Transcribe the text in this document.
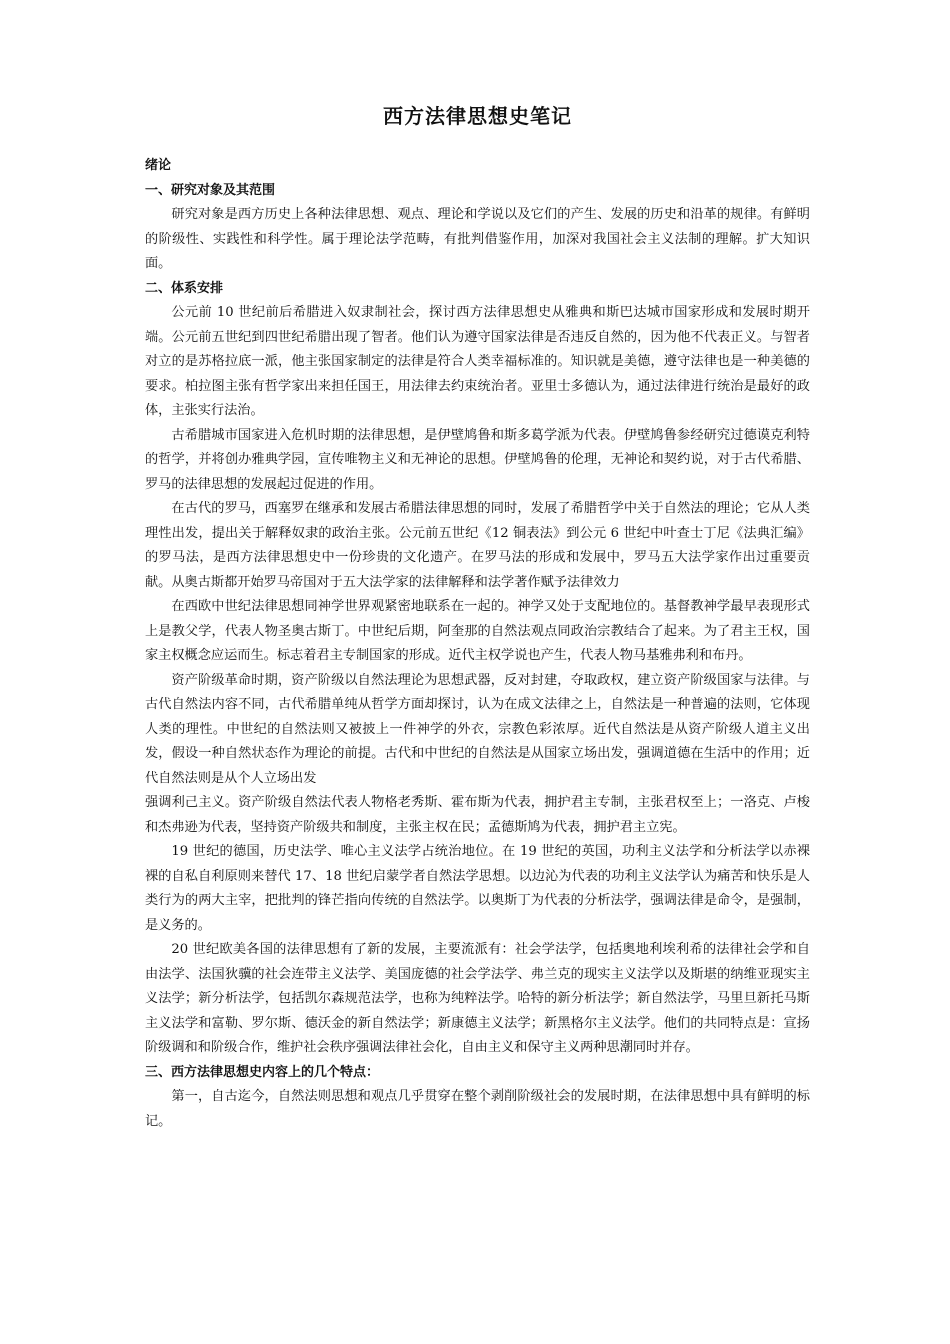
西方法律思想史笔记

绪论

一、研究对象及其范围

研究对象是西方历史上各种法律思想、观点、理论和学说以及它们的产生、发展的历史和沿革的规律。有鲜明的阶级性、实践性和科学性。属于理论法学范畴，有批判借鉴作用，加深对我国社会主义法制的理解。扩大知识面。

二、体系安排

公元前 10 世纪前后希腊进入奴隶制社会，探讨西方法律思想史从雅典和斯巴达城市国家形成和发展时期开端。公元前五世纪到四世纪希腊出现了智者。他们认为遵守国家法律是否违反自然的，因为他不代表正义。与智者对立的是苏格拉底一派，他主张国家制定的法律是符合人类幸福标准的。知识就是美德，遵守法律也是一种美德的要求。柏拉图主张有哲学家出来担任国王，用法律去约束统治者。亚里士多德认为，通过法律进行统治是最好的政体，主张实行法治。

古希腊城市国家进入危机时期的法律思想，是伊壁鸠鲁和斯多葛学派为代表。伊壁鸠鲁参经研究过德谟克利特的哲学，并将创办雅典学园，宣传唯物主义和无神论的思想。伊壁鸠鲁的伦理，无神论和契约说，对于古代希腊、罗马的法律思想的发展起过促进的作用。

在古代的罗马，西塞罗在继承和发展古希腊法律思想的同时，发展了希腊哲学中关于自然法的理论；它从人类理性出发，提出关于解释奴隶的政治主张。公元前五世纪《12 铜表法》到公元 6 世纪中叶查士丁尼《法典汇编》的罗马法，是西方法律思想史中一份珍贵的文化遗产。在罗马法的形成和发展中，罗马五大法学家作出过重要贡献。从奥古斯都开始罗马帝国对于五大法学家的法律解释和法学著作赋予法律效力

在西欧中世纪法律思想同神学世界观紧密地联系在一起的。神学又处于支配地位的。基督教神学最早表现形式上是教父学，代表人物圣奥古斯丁。中世纪后期，阿奎那的自然法观点同政治宗教结合了起来。为了君主王权，国家主权概念应运而生。标志着君主专制国家的形成。近代主权学说也产生，代表人物马基雅弗利和布丹。

资产阶级革命时期，资产阶级以自然法理论为思想武器，反对封建，夺取政权，建立资产阶级国家与法律。与古代自然法内容不同，古代希腊单纯从哲学方面却探讨，认为在成文法律之上，自然法是一种普遍的法则，它体现人类的理性。中世纪的自然法则又被披上一件神学的外衣，宗教色彩浓厚。近代自然法是从资产阶级人道主义出发，假设一种自然状态作为理论的前提。古代和中世纪的自然法是从国家立场出发，强调道德在生活中的作用；近代自然法则是从个人立场出发

强调利己主义。资产阶级自然法代表人物格老秀斯、霍布斯为代表，拥护君主专制，主张君权至上；一洛克、卢梭和杰弗逊为代表，坚持资产阶级共和制度，主张主权在民；孟德斯鸠为代表，拥护君主立宪。

19 世纪的德国，历史法学、唯心主义法学占统治地位。在 19 世纪的英国，功利主义法学和分析法学以赤裸裸的自私自利原则来替代 17、18 世纪启蒙学者自然法学思想。以边沁为代表的功利主义法学认为痛苦和快乐是人类行为的两大主宰，把批判的锋芒指向传统的自然法学。以奥斯丁为代表的分析法学，强调法律是命令，是强制，是义务的。

20 世纪欧美各国的法律思想有了新的发展，主要流派有：社会学法学，包括奥地利埃利希的法律社会学和自由法学、法国狄骥的社会连带主义法学、美国庞德的社会学法学、弗兰克的现实主义法学以及斯堪的纳维亚现实主义法学；新分析法学，包括凯尔森规范法学，也称为纯粹法学。哈特的新分析法学；新自然法学，马里旦新托马斯主义法学和富勒、罗尔斯、德沃金的新自然法学；新康德主义法学；新黑格尔主义法学。他们的共同特点是：宣扬阶级调和和阶级合作，维护社会秩序强调法律社会化，自由主义和保守主义两种思潮同时并存。

三、西方法律思想史内容上的几个特点：

第一，自古迄今，自然法则思想和观点几乎贯穿在整个剥削阶级社会的发展时期，在法律思想中具有鲜明的标记。
